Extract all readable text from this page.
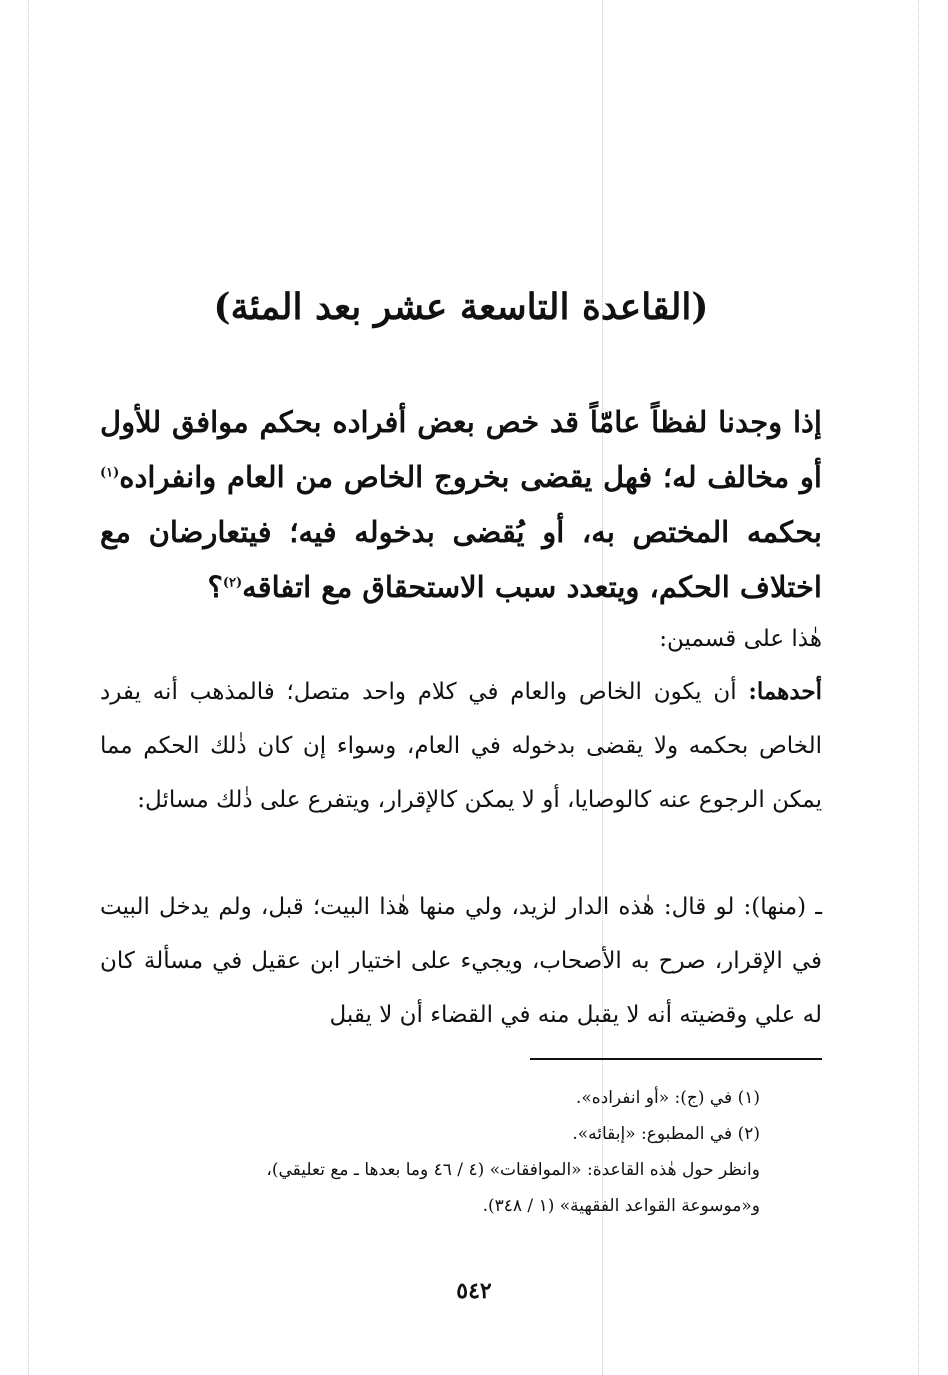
(القاعدة التاسعة عشر بعد المئة)
إذا وجدنا لفظاً عامّاً قد خص بعض أفراده بحكم موافق للأول أو مخالف له؛ فهل يقضى بخروج الخاص من العام وانفراده$^{(١)}$ بحكمه المختص به، أو يُقضى بدخوله فيه؛ فيتعارضان مع اختلاف الحكم، ويتعدد سبب الاستحقاق مع اتفاقه$^{(٢)}$؟
هٰذا على قسمين:
أحدهما: أن يكون الخاص والعام في كلام واحد متصل؛ فالمذهب أنه يفرد الخاص بحكمه ولا يقضى بدخوله في العام، وسواء إن كان ذٰلك الحكم مما يمكن الرجوع عنه كالوصايا، أو لا يمكن كالإقرار، ويتفرع على ذٰلك مسائل:
ـ (منها): لو قال: هٰذه الدار لزيد، ولي منها هٰذا البيت؛ قبل، ولم يدخل البيت في الإقرار، صرح به الأصحاب، ويجيء على اختيار ابن عقيل في مسألة كان له علي وقضيته أنه لا يقبل منه في القضاء أن لا يقبل
(١) في (ج): «أو انفراده».
(٢) في المطبوع: «إبقائه».
وانظر حول هٰذه القاعدة: «الموافقات» (٤ / ٤٦ وما بعدها ـ مع تعليقي)،
و«موسوعة القواعد الفقهية» (١ / ٣٤٨).
٥٤٢
